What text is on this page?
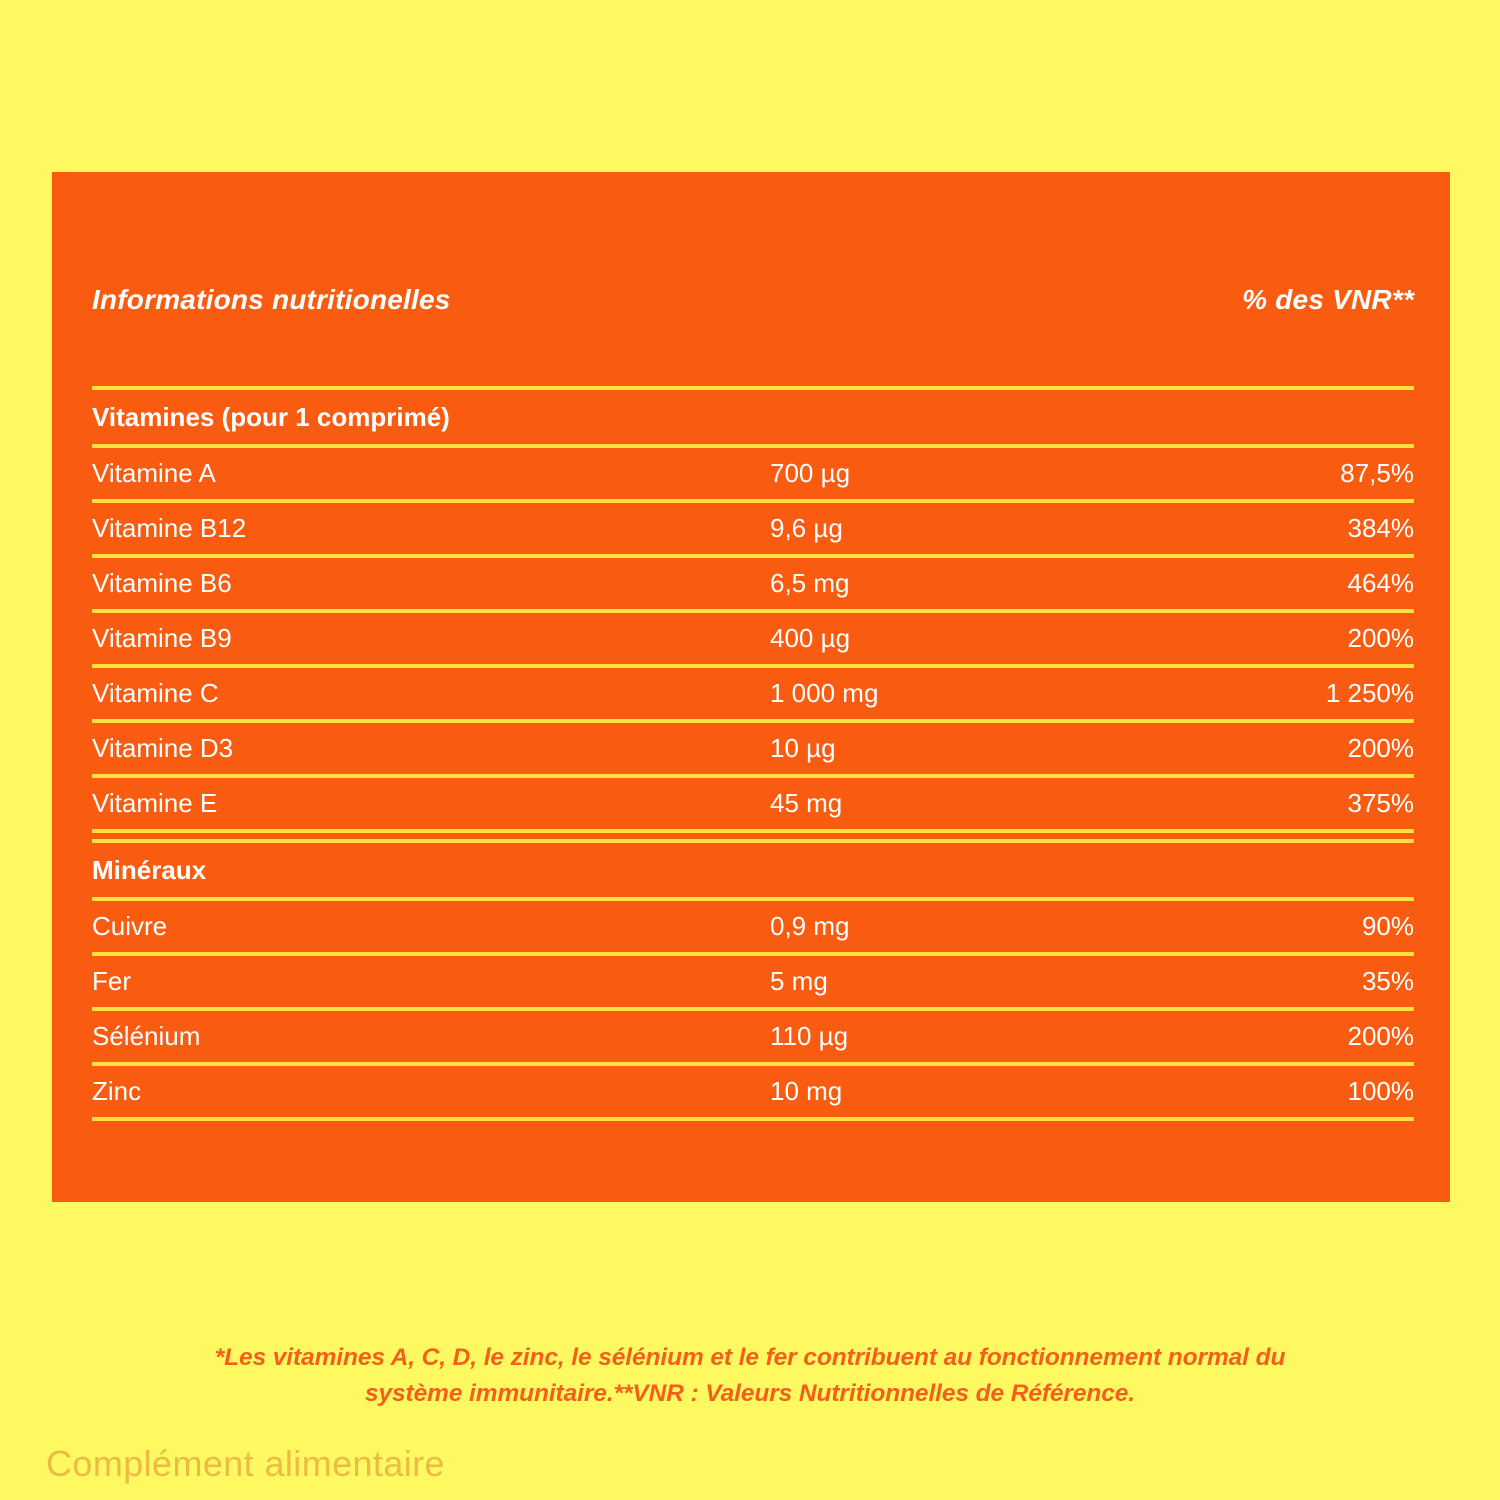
Informations nutritionelles	% des VNR**
Vitamines (pour 1 comprimé)
Vitamine A	700 µg	87,5%
Vitamine B12	9,6 µg	384%
Vitamine B6	6,5 mg	464%
Vitamine B9	400 µg	200%
Vitamine C	1 000 mg	1 250%
Vitamine D3	10 µg	200%
Vitamine E	45 mg	375%
Minéraux
Cuivre	0,9 mg	90%
Fer	5 mg	35%
Sélénium	110 µg	200%
Zinc	10 mg	100%
*Les vitamines A, C, D, le zinc, le sélénium et le fer contribuent au fonctionnement normal du
système immunitaire.**VNR : Valeurs Nutritionnelles de Référence.
Complément alimentaire
